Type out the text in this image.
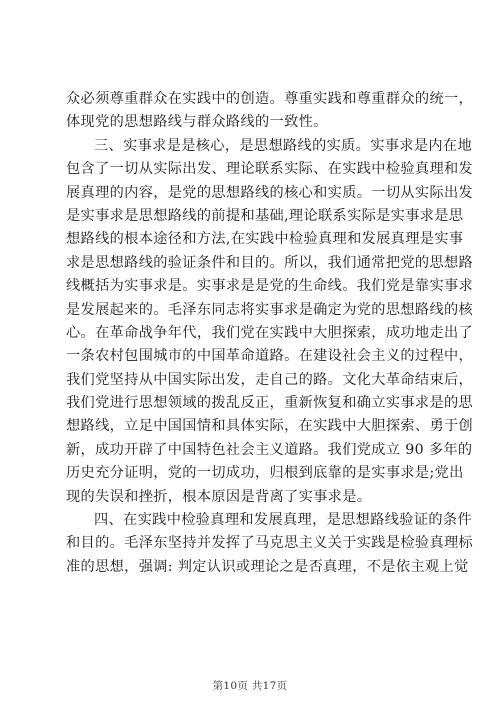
众必须尊重群众在实践中的创造。尊重实践和尊重群众的统一，
体现党的思想路线与群众路线的一致性。
三、实事求是是核心，是思想路线的实质。实事求是内在地
包含了一切从实际出发、理论联系实际、在实践中检验真理和发
展真理的内容，是党的思想路线的核心和实质。一切从实际出发
是实事求是思想路线的前提和基础,理论联系实际是实事求是思
想路线的根本途径和方法,在实践中检验真理和发展真理是实事
求是思想路线的验证条件和目的。所以，我们通常把党的思想路
线概括为实事求是。实事求是是党的生命线。我们党是靠实事求
是发展起来的。毛泽东同志将实事求是确定为党的思想路线的核
心。在革命战争年代，我们党在实践中大胆探索，成功地走出了
一条农村包围城市的中国革命道路。在建设社会主义的过程中，
我们党坚持从中国实际出发，走自己的路。文化大革命结束后，
我们党进行思想领域的拨乱反正，重新恢复和确立实事求是的思
想路线，立足中国国情和具体实际，在实践中大胆探索、勇于创
新，成功开辟了中国特色社会主义道路。我们党成立 90 多年的
历史充分证明，党的一切成功，归根到底靠的是实事求是;党出
现的失误和挫折，根本原因是背离了实事求是。
四、在实践中检验真理和发展真理，是思想路线验证的条件
和目的。毛泽东坚持并发挥了马克思主义关于实践是检验真理标
准的思想，强调: 判定认识或理论之是否真理，不是依主观上觉
第10页 共17页
